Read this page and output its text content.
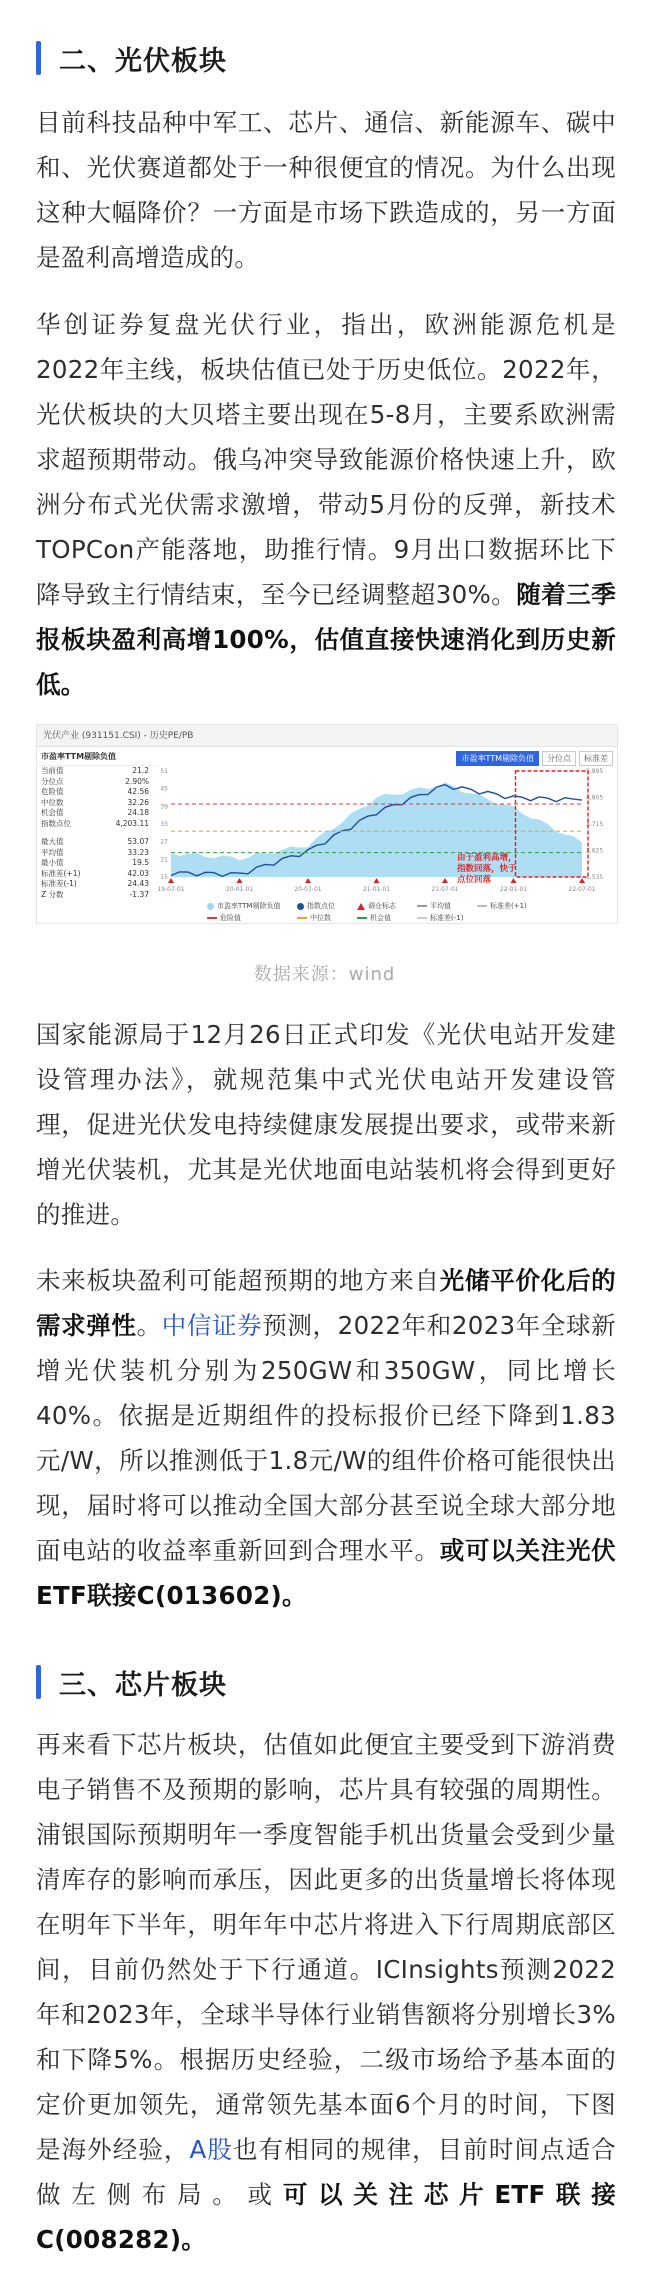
二、光伏板块
目前科技品种中军工、芯片、通信、新能源车、碳中和、光伏赛道都处于一种很便宜的情况。为什么出现这种大幅降价？一方面是市场下跌造成的，另一方面是盈利高增造成的。
华创证券复盘光伏行业，指出，欧洲能源危机是2022年主线，板块估值已处于历史低位。2022年，光伏板块的大贝塔主要出现在5-8月，主要系欧洲需求超预期带动。俄乌冲突导致能源价格快速上升，欧洲分布式光伏需求激增，带动5月份的反弹，新技术TOPCon产能落地，助推行情。9月出口数据环比下降导致主行情结束，至今已经调整超30%。随着三季报板块盈利高增100%，估值直接快速消化到历史新低。
光伏产业 (931151.CSI) - 历史PE/PB
市盈率TTM剔除负值
当前值	21.2
分位点	2.90%
危险值	42.56
中位数	32.26
机会值	24.18
指数点位	4,203.11
最大值	53.07
平均值	33.23
最小值	19.5
标准差(+1)	42.03
标准差(-1)	24.43
Z 分数	-1.37
市盈率TTM剔除负值	分位点	标准差
51
45
39
33
27
21
15
5,895
4,805
3,715
2,625
1,535
19-07-01	20-01-01	20-07-01	21-01-01	21-07-01	22-01-01	22-07-01
由于盈利高增，指数回落，快于点位回落
市盈率TTM剔除负值	指数点位	调仓标志	平均值	标准差(+1)
危险值	中位数	机会值	标准差(-1)
数据来源：wind
国家能源局于12月26日正式印发《光伏电站开发建设管理办法》，就规范集中式光伏电站开发建设管理，促进光伏发电持续健康发展提出要求，或带来新增光伏装机，尤其是光伏地面电站装机将会得到更好的推进。
未来板块盈利可能超预期的地方来自光储平价化后的需求弹性。中信证券预测，2022年和2023年全球新增光伏装机分别为250GW和350GW，同比增长40%。依据是近期组件的投标报价已经下降到1.83元/W，所以推测低于1.8元/W的组件价格可能很快出现，届时将可以推动全国大部分甚至说全球大部分地面电站的收益率重新回到合理水平。或可以关注光伏ETF联接C(013602)。
三、芯片板块
再来看下芯片板块，估值如此便宜主要受到下游消费电子销售不及预期的影响，芯片具有较强的周期性。浦银国际预期明年一季度智能手机出货量会受到少量清库存的影响而承压，因此更多的出货量增长将体现在明年下半年，明年年中芯片将进入下行周期底部区间，目前仍然处于下行通道。ICInsights预测2022年和2023年，全球半导体行业销售额将分别增长3%和下降5%。根据历史经验，二级市场给予基本面的定价更加领先，通常领先基本面6个月的时间，下图是海外经验，A股也有相同的规律，目前时间点适合做左侧布局。或可以关注芯片ETF联接C(008282)。
